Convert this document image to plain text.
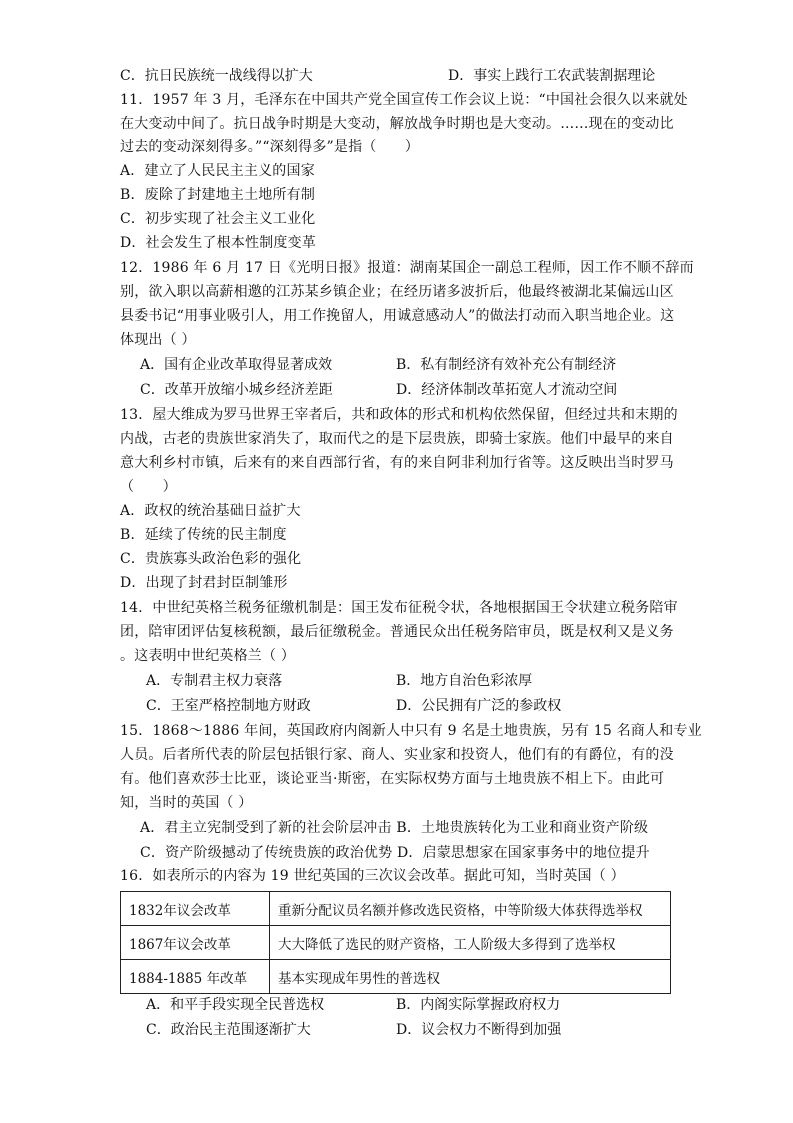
C．抗日民族统一战线得以扩大	D．事实上践行工农武装割据理论
11．1957 年 3 月，毛泽东在中国共产党全国宣传工作会议上说：“中国社会很久以来就处
在大变动中间了。抗日战争时期是大变动，解放战争时期也是大变动。……现在的变动比
过去的变动深刻得多。”“深刻得多”是指（　　）
A．建立了人民民主主义的国家
B．废除了封建地主土地所有制
C．初步实现了社会主义工业化
D．社会发生了根本性制度变革
12．1986 年 6 月 17 日《光明日报》报道：湖南某国企一副总工程师，因工作不顺不辞而
别，欲入职以高薪相邀的江苏某乡镇企业；在经历诸多波折后，他最终被湖北某偏远山区
县委书记“用事业吸引人，用工作挽留人，用诚意感动人”的做法打动而入职当地企业。这
体现出（ ）
A．国有企业改革取得显著成效	B．私有制经济有效补充公有制经济
C．改革开放缩小城乡经济差距	D．经济体制改革拓宽人才流动空间
13．屋大维成为罗马世界王宰者后，共和政体的形式和机构依然保留，但经过共和末期的
内战，古老的贵族世家消失了，取而代之的是下层贵族，即骑士家族。他们中最早的来自
意大利乡村市镇，后来有的来自西部行省，有的来自阿非利加行省等。这反映出当时罗马
（　　）
A．政权的统治基础日益扩大
B．延续了传统的民主制度
C．贵族寡头政治色彩的强化
D．出现了封君封臣制雏形
14．中世纪英格兰税务征缴机制是：国王发布征税令状，各地根据国王令状建立税务陪审
团，陪审团评估复核税额，最后征缴税金。普通民众出任税务陪审员，既是权利又是义务
。这表明中世纪英格兰（ ）
A．专制君主权力衰落	B．地方自治色彩浓厚
C．王室严格控制地方财政	D．公民拥有广泛的参政权
15．1868～1886 年间，英国政府内阁新人中只有 9 名是土地贵族，另有 15 名商人和专业
人员。后者所代表的阶层包括银行家、商人、实业家和投资人，他们有的有爵位，有的没
有。他们喜欢莎士比亚，谈论亚当·斯密，在实际权势方面与土地贵族不相上下。由此可
知，当时的英国（ ）
A．君主立宪制受到了新的社会阶层冲击 B．土地贵族转化为工业和商业资产阶级
C．资产阶级撼动了传统贵族的政治优势 D．启蒙思想家在国家事务中的地位提升
16．如表所示的内容为 19 世纪英国的三次议会改革。据此可知，当时英国（ ）
1832年议会改革	重新分配议员名额并修改选民资格，中等阶级大体获得选举权
1867年议会改革	大大降低了选民的财产资格，工人阶级大多得到了选举权
1884-1885 年改革	基本实现成年男性的普选权
A．和平手段实现全民普选权	B．内阁实际掌握政府权力
C．政治民主范围逐渐扩大	D．议会权力不断得到加强
